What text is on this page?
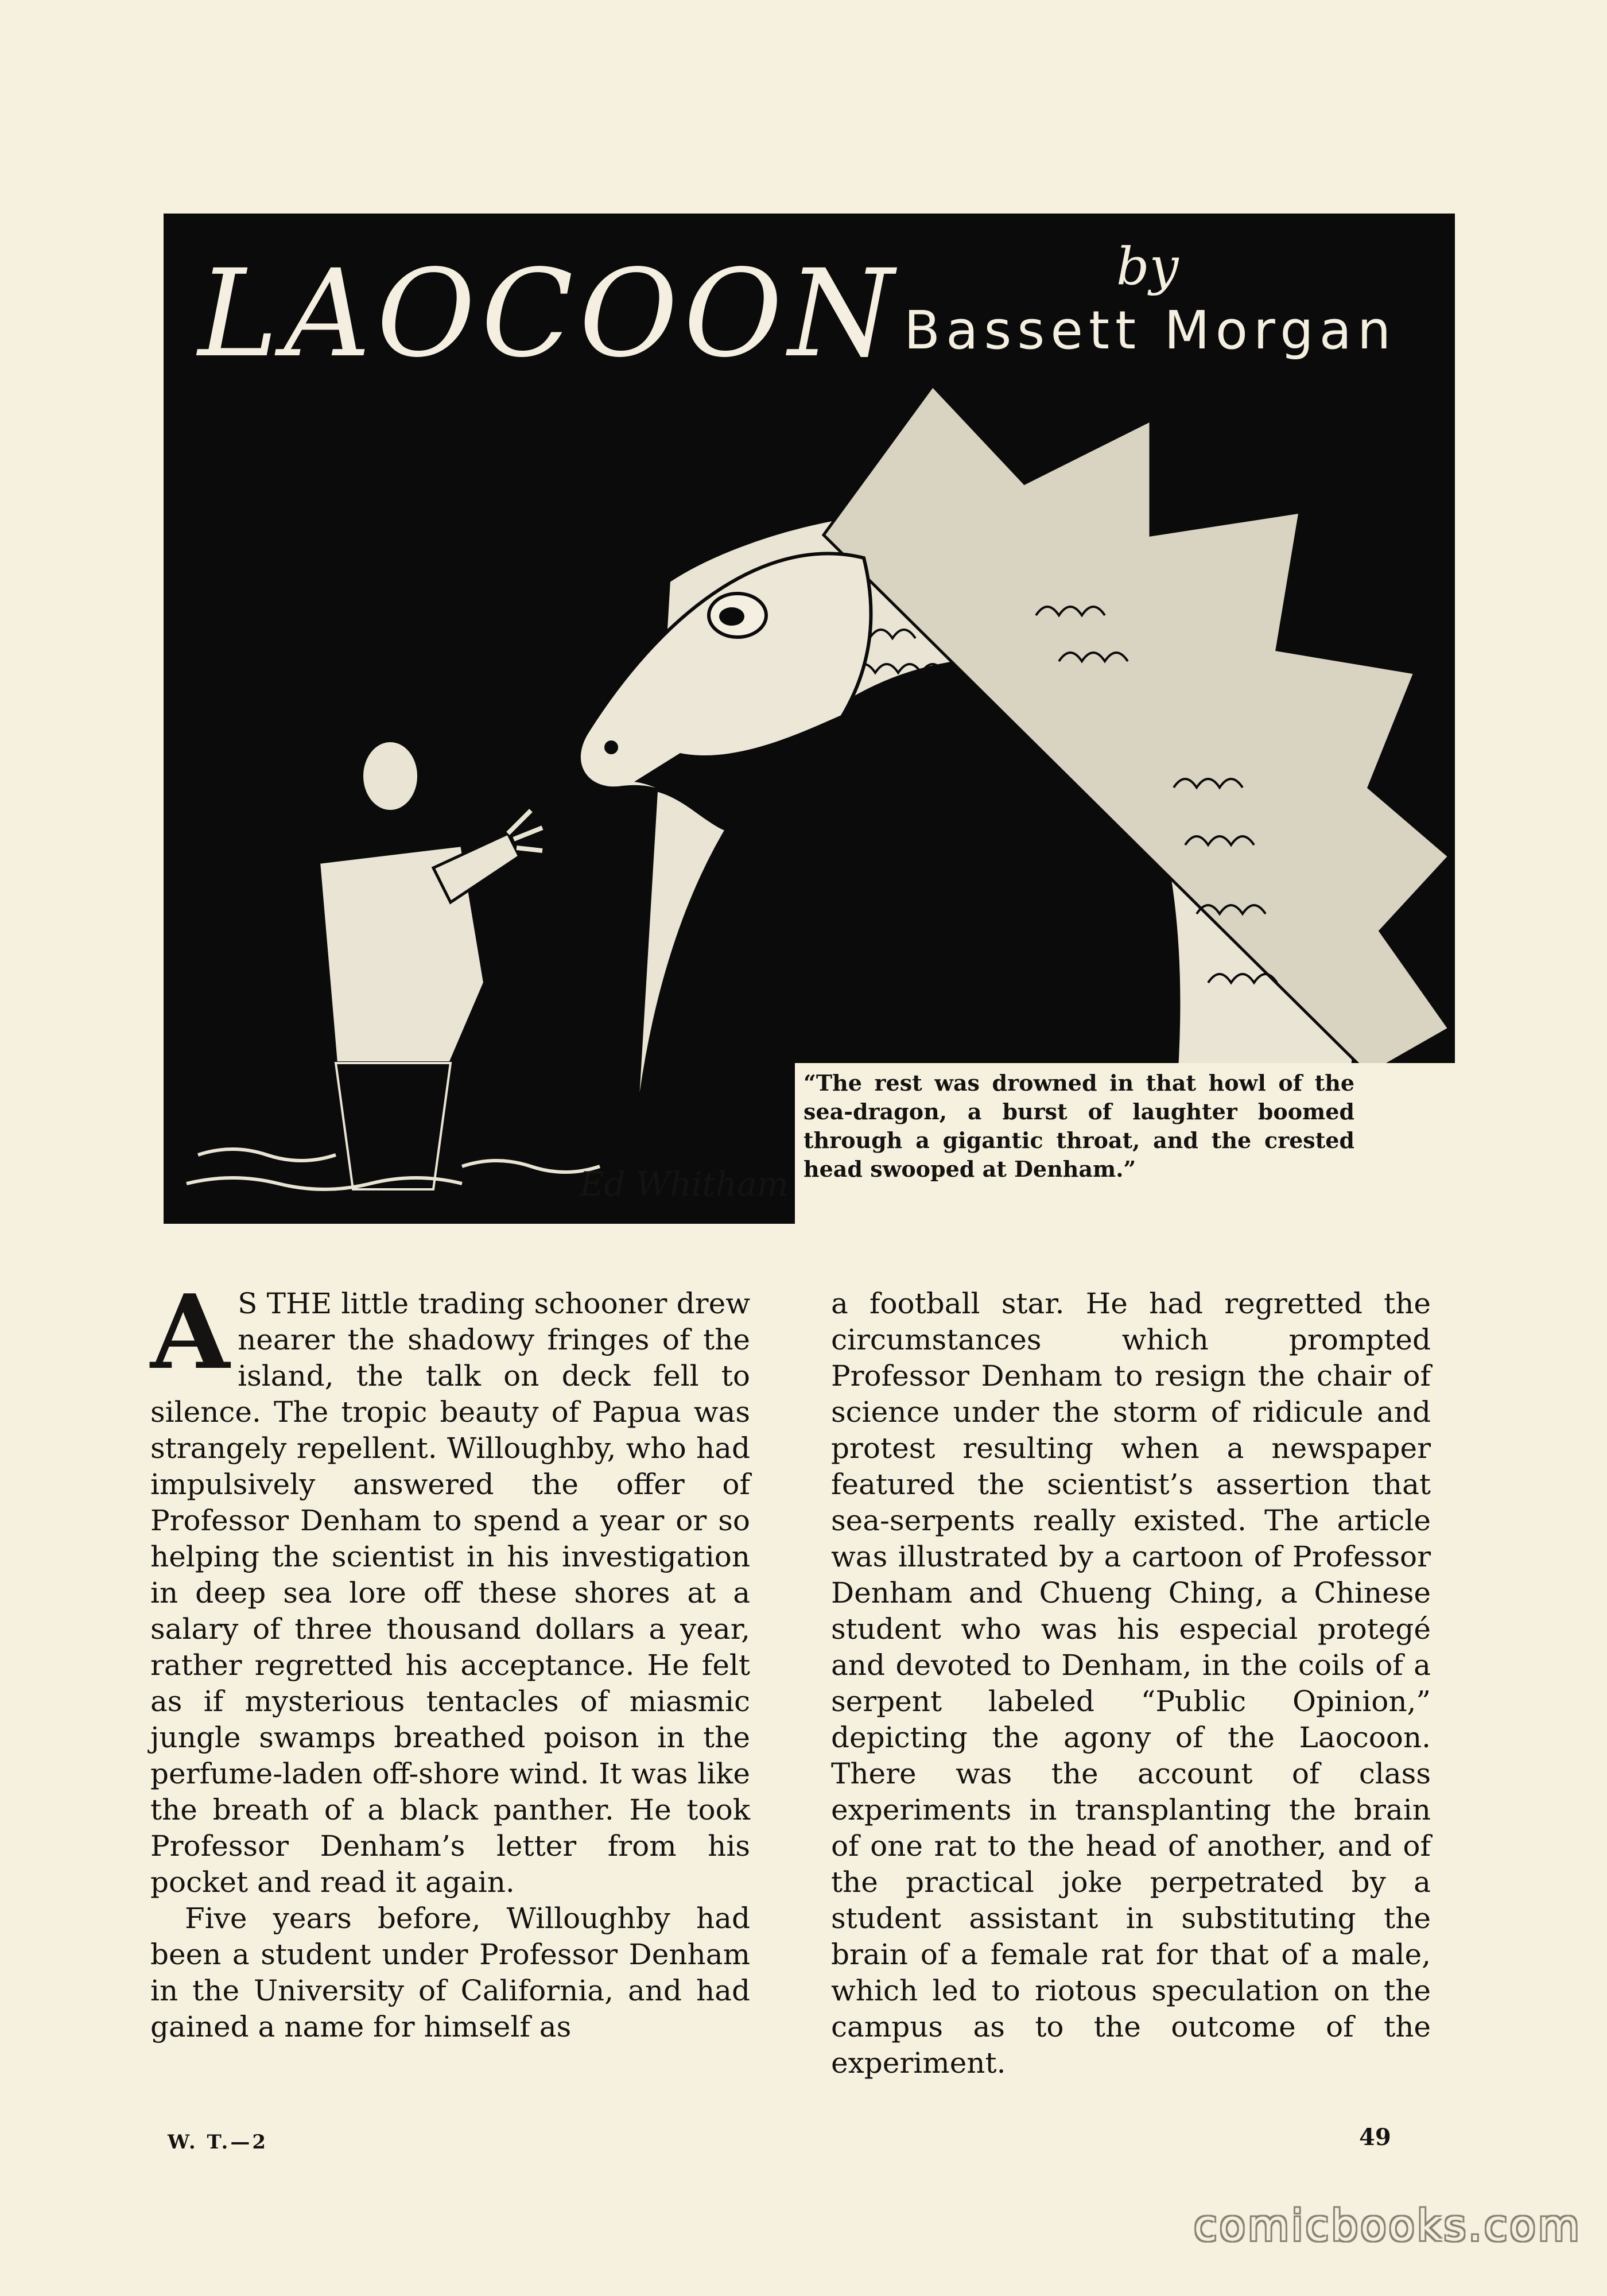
LAOCOON	by
Bassett Morgan
“The rest was drowned in that howl of the sea-dragon, a burst of laughter boomed through a gigantic throat, and the crested head swooped at Denham.”
Ed Whitham

A S THE little trading schooner drew nearer the shadowy fringes of the island, the talk on deck fell to silence. The tropic beauty of Papua was strangely repellent. Willoughby, who had impulsively answered the offer of Professor Denham to spend a year or so helping the scientist in his investigation in deep sea lore off these shores at a salary of three thousand dollars a year, rather regretted his acceptance. He felt as if mysterious tentacles of miasmic jungle swamps breathed poison in the perfume-laden off-shore wind. It was like the breath of a black panther. He took Professor Denham’s letter from his pocket and read it again.

Five years before, Willoughby had been a student under Professor Denham in the University of California, and had gained a name for himself as

a football star. He had regretted the circumstances which prompted Professor Denham to resign the chair of science under the storm of ridicule and protest resulting when a newspaper featured the scientist’s assertion that sea-serpents really existed. The article was illustrated by a cartoon of Professor Denham and Chueng Ching, a Chinese student who was his especial protegé and devoted to Denham, in the coils of a serpent labeled “Public Opinion,” depicting the agony of the Laocoon. There was the account of class experiments in transplanting the brain of one rat to the head of another, and of the practical joke perpetrated by a student assistant in substituting the brain of a female rat for that of a male, which led to riotous speculation on the campus as to the outcome of the experiment.

W. T.—2	49
comicbooks.com
